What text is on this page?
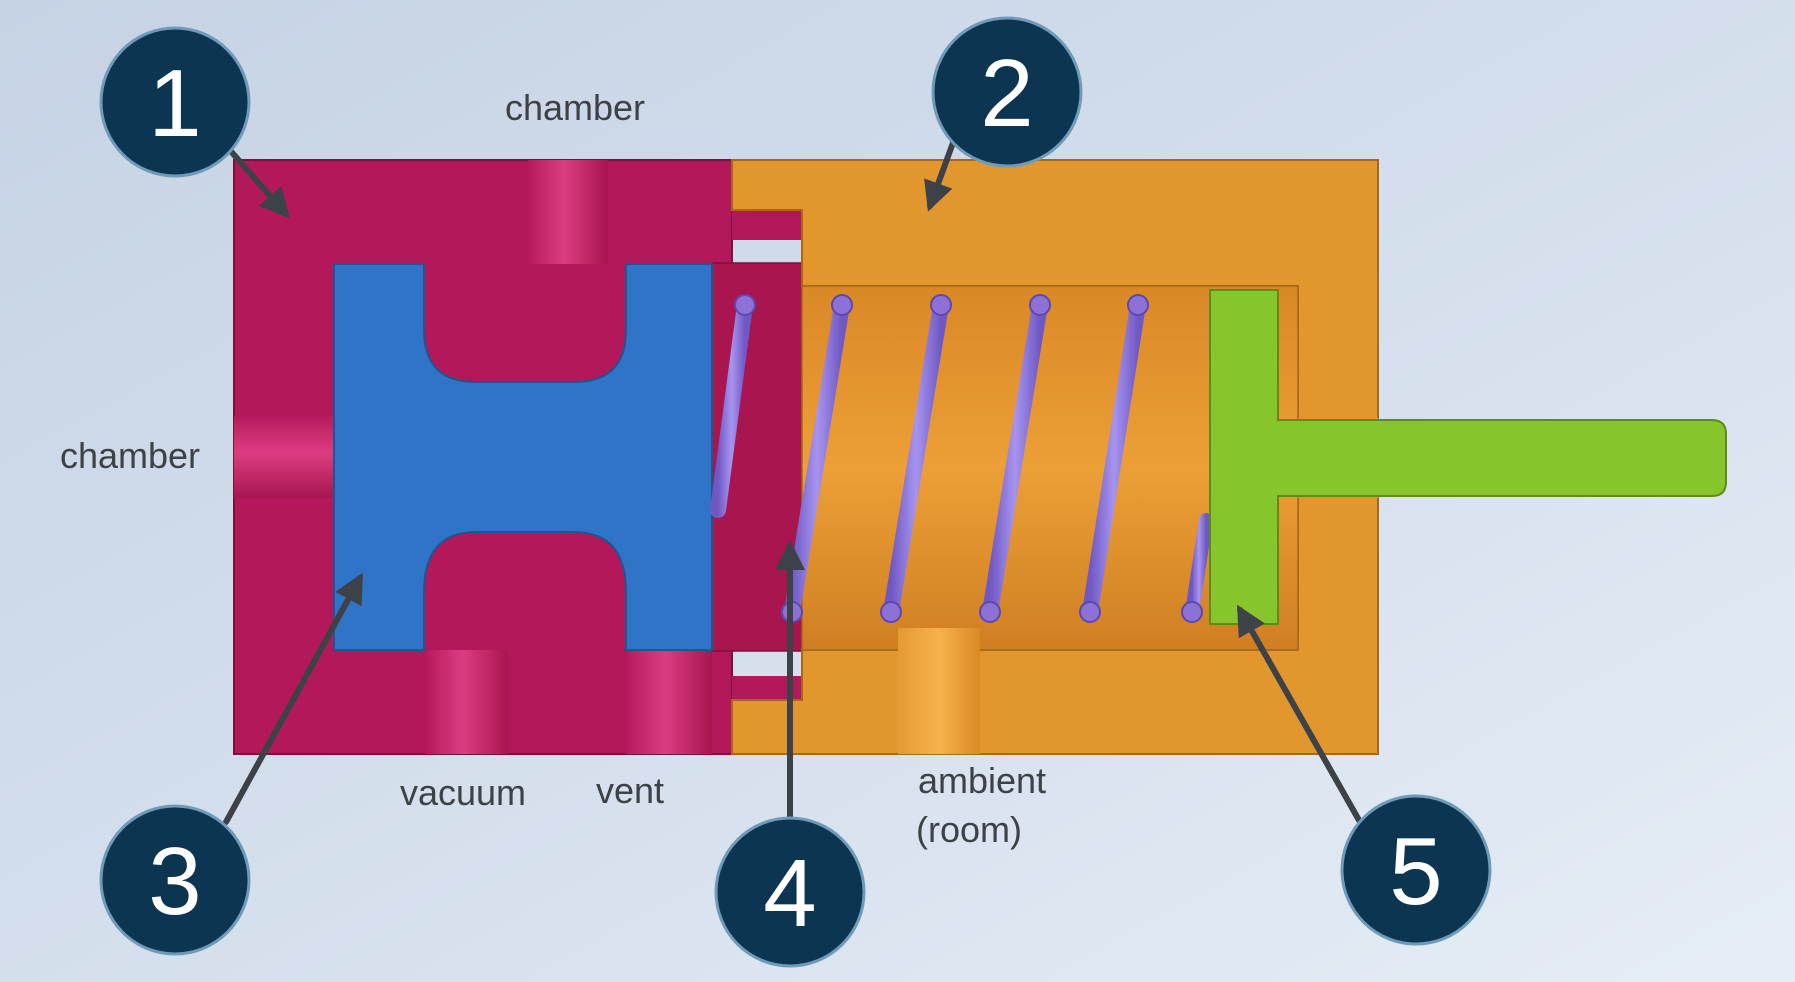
chamber
chamber
vacuum vent	ambient
(room)
1	2
3	4	5
